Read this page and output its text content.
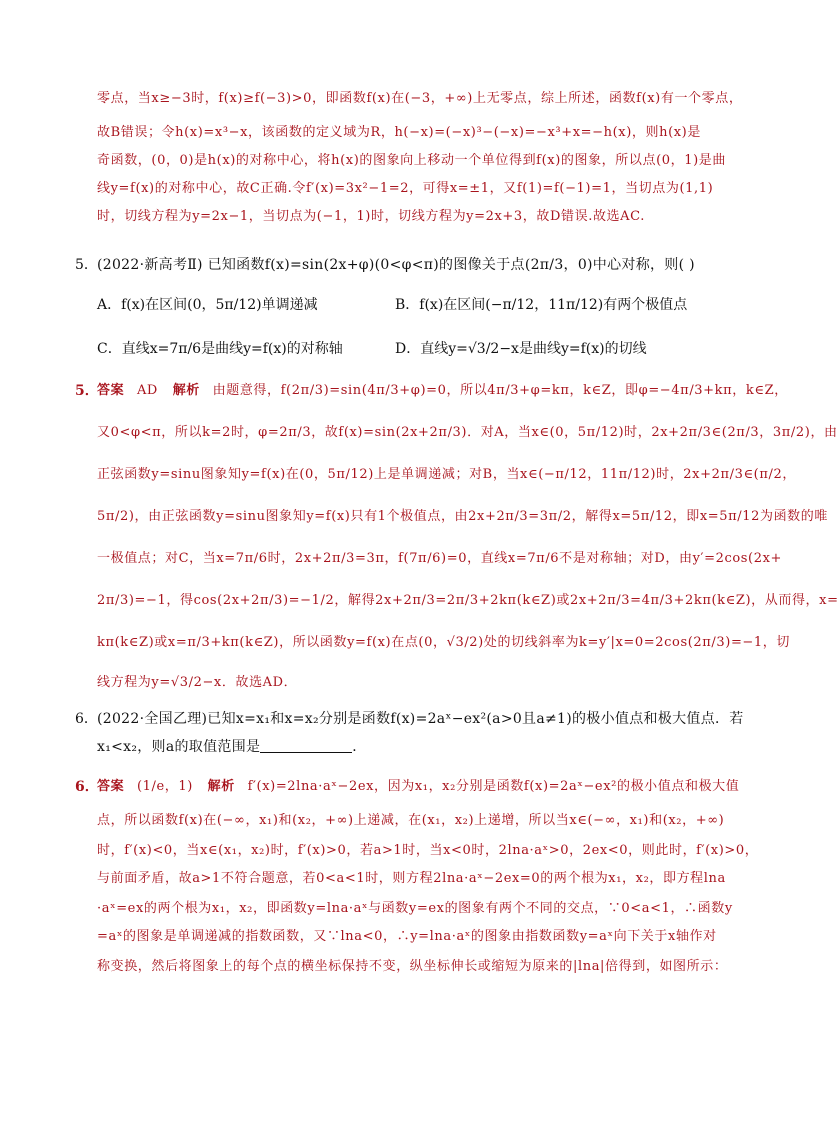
零点，当x≥−3时，f(x)≥f(−3)>0，即函数f(x)在(−3，+∞)上无零点，综上所述，函数f(x)有一个零点，
故B错误；令h(x)=x³−x，该函数的定义域为R，h(−x)=(−x)³−(−x)=−x³+x=−h(x)，则h(x)是
奇函数，(0，0)是h(x)的对称中心，将h(x)的图象向上移动一个单位得到f(x)的图象，所以点(0，1)是曲
线y=f(x)的对称中心，故C正确.令f′(x)=3x²−1=2，可得x=±1，又f(1)=f(−1)=1，当切点为(1,1)
时，切线方程为y=2x−1，当切点为(−1，1)时，切线方程为y=2x+3，故D错误.故选AC.
5． (2022·新高考Ⅱ) 已知函数f(x)=sin(2x+φ)(0<φ<π)的图像关于点(2π/3，0)中心对称，则( )
A．f(x)在区间(0，5π/12)单调递减	B．f(x)在区间(−π/12，11π/12)有两个极值点
C．直线x=7π/6是曲线y=f(x)的对称轴	D．直线y=√3/2−x是曲线y=f(x)的切线
5．
答案 AD 解析 由题意得，f(2π/3)=sin(4π/3+φ)=0，所以4π/3+φ=kπ，k∈Z，即φ=−4π/3+kπ，k∈Z，
又0<φ<π，所以k=2时，φ=2π/3，故f(x)=sin(2x+2π/3)．对A，当x∈(0，5π/12)时，2x+2π/3∈(2π/3，3π/2)，由
正弦函数y=sinu图象知y=f(x)在(0，5π/12)上是单调递减；对B，当x∈(−π/12，11π/12)时，2x+2π/3∈(π/2，
5π/2)，由正弦函数y=sinu图象知y=f(x)只有1个极值点，由2x+2π/3=3π/2，解得x=5π/12，即x=5π/12为函数的唯
一极值点；对C，当x=7π/6时，2x+2π/3=3π，f(7π/6)=0，直线x=7π/6不是对称轴；对D，由y′=2cos(2x+
2π/3)=−1，得cos(2x+2π/3)=−1/2，解得2x+2π/3=2π/3+2kπ(k∈Z)或2x+2π/3=4π/3+2kπ(k∈Z)，从而得，x=
kπ(k∈Z)或x=π/3+kπ(k∈Z)，所以函数y=f(x)在点(0，√3/2)处的切线斜率为k=y′|x=0=2cos(2π/3)=−1，切
线方程为y=√3/2−x．故选AD．
6． (2022·全国乙理)已知x=x₁和x=x₂分别是函数f(x)=2aˣ−ex²(a>0且a≠1)的极小值点和极大值点．若
x₁<x₂，则a的取值范围是	．
6．
答案 (1/e，1) 解析 f′(x)=2lna·aˣ−2ex，因为x₁，x₂分别是函数f(x)=2aˣ−ex²的极小值点和极大值
点，所以函数f(x)在(−∞，x₁)和(x₂，+∞)上递减，在(x₁，x₂)上递增，所以当x∈(−∞，x₁)和(x₂，+∞)
时，f′(x)<0，当x∈(x₁，x₂)时，f′(x)>0，若a>1时，当x<0时，2lna·aˣ>0，2ex<0，则此时，f′(x)>0，
与前面矛盾，故a>1不符合题意，若0<a<1时，则方程2lna·aˣ−2ex=0的两个根为x₁，x₂，即方程lna
·aˣ=ex的两个根为x₁，x₂，即函数y=lna·aˣ与函数y=ex的图象有两个不同的交点，∵0<a<1，∴函数y
=aˣ的图象是单调递减的指数函数，又∵lna<0，∴y=lna·aˣ的图象由指数函数y=aˣ向下关于x轴作对
称变换，然后将图象上的每个点的横坐标保持不变，纵坐标伸长或缩短为原来的|lna|倍得到，如图所示：
